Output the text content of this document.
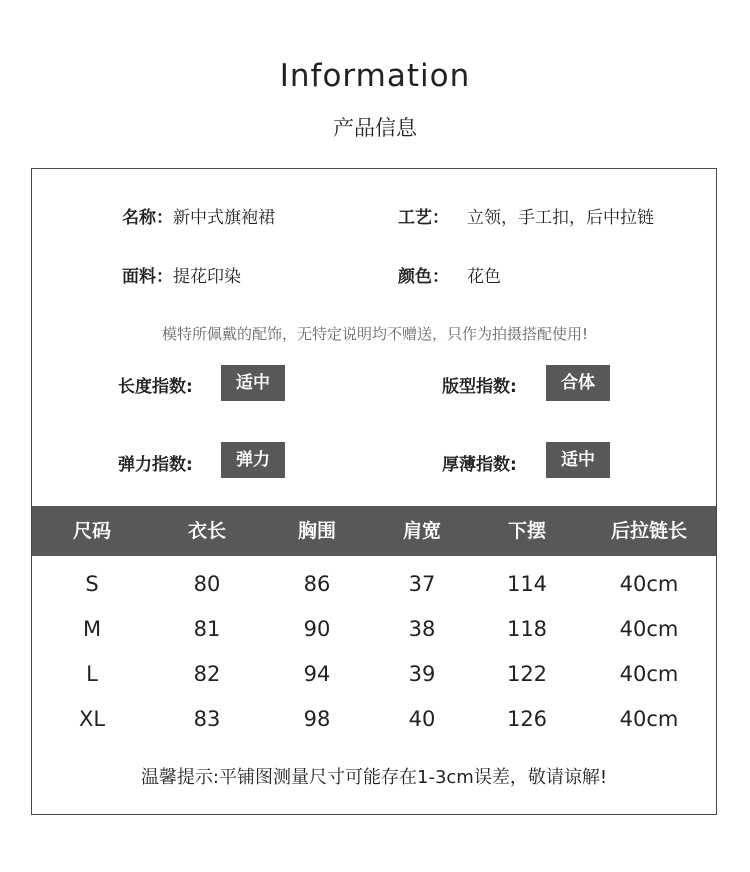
Information
产品信息
名称：新中式旗袍裙	工艺： 立领，手工扣，后中拉链
面料：提花印染	颜色： 花色
模特所佩戴的配饰，无特定说明均不赠送，只作为拍摄搭配使用!
长度指数:	适中	版型指数:	合体
弹力指数:	弹力	厚薄指数:	适中
尺码	衣长	胸围	肩宽	下摆	后拉链长
S	80	86	37	114	40cm
M	81	90	38	118	40cm
L	82	94	39	122	40cm
XL	83	98	40	126	40cm
温馨提示:平铺图测量尺寸可能存在1-3cm误差，敬请谅解!
